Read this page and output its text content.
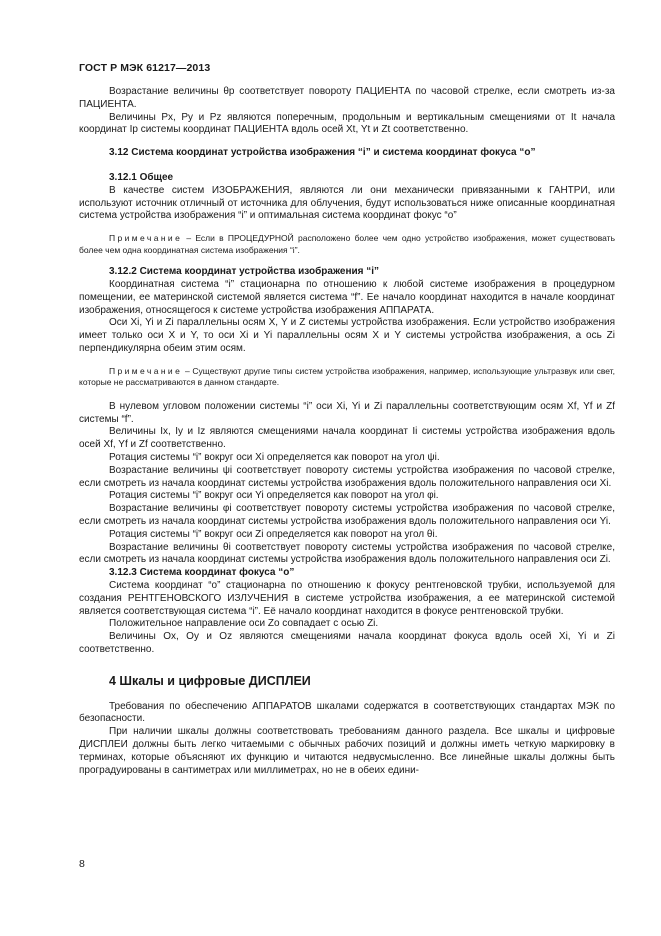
ГОСТ Р МЭК 61217—2013

Возрастание величины θр соответствует повороту ПАЦИЕНТА по часовой стрелке, если смотреть из-за ПАЦИЕНТА.

Величины Px, Py и Pz являются поперечным, продольным и вертикальным смещениями от It начала координат Ip системы координат ПАЦИЕНТА вдоль осей Xt, Yt и Zt соответственно.

3.12 Система координат устройства изображения “i” и система координат фокуса “o”

3.12.1 Общее

В качестве систем ИЗОБРАЖЕНИЯ, являются ли они механически привязанными к ГАНТРИ, или используют источник отличный от источника для облучения, будут использоваться ниже описанные координатная система устройства изображения “i” и оптимальная система координат фокус “o”

Примечание – Если в ПРОЦЕДУРНОЙ расположено более чем одно устройство изображения, может существовать более чем одна координатная система изображения “i”.

3.12.2 Система координат устройства изображения “i”

Координатная система “i” стационарна по отношению к любой системе изображения в процедурном помещении, ее материнской системой является система “f”. Ее начало координат находится в начале координат изображения, относящегося к системе устройства изображения АППАРАТА.

Оси Xi, Yi и Zi параллельны осям X, Y и Z системы устройства изображения. Если устройство изображения имеет только оси X и Y, то оси Xi и Yi параллельны осям X и Y системы устройства изображения, а ось Zi перпендикулярна обеим этим осям.

Примечание – Существуют другие типы систем устройства изображения, например, использующие ультразвук или свет, которые не рассматриваются в данном стандарте.

В нулевом угловом положении системы “i” оси Xi, Yi и Zi параллельны соответствующим осям Xf, Yf и Zf системы “f”.

Величины Ix, Iy и Iz являются смещениями начала координат Ii системы устройства изображения вдоль осей Xf, Yf и Zf соответственно.

Ротация системы “i” вокруг оси Xi определяется как поворот на угол ψi.

Возрастание величины ψi соответствует повороту системы устройства изображения по часовой стрелке, если смотреть из начала координат системы устройства изображения вдоль положительного направления оси Xi.

Ротация системы “i” вокруг оси Yi определяется как поворот на угол φi.

Возрастание величины φi соответствует повороту системы устройства изображения по часовой стрелке, если смотреть из начала координат системы устройства изображения вдоль положительного направления оси Yi.

Ротация системы “i” вокруг оси Zi определяется как поворот на угол θi.

Возрастание величины θi соответствует повороту системы устройства изображения по часовой стрелке, если смотреть из начала координат системы устройства изображения вдоль положительного направления оси Zi.

3.12.3 Система координат фокуса “o”

Система координат “o” стационарна по отношению к фокусу рентгеновской трубки, используемой для создания РЕНТГЕНОВСКОГО ИЗЛУЧЕНИЯ в системе устройства изображения, а ее материнской системой является соответствующая система “i”. Её начало координат находится в фокусе рентгеновской трубки.

Положительное направление оси Zo совпадает с осью Zi.

Величины Ox, Oy и Oz являются смещениями начала координат фокуса вдоль осей Xi, Yi и Zi соответственно.

4 Шкалы и цифровые ДИСПЛЕИ

Требования по обеспечению АППАРАТОВ шкалами содержатся в соответствующих стандартах МЭК по безопасности.

При наличии шкалы должны соответствовать требованиям данного раздела. Все шкалы и цифровые ДИСПЛЕИ должны быть легко читаемыми с обычных рабочих позиций и должны иметь четкую маркировку в терминах, которые объясняют их функцию и читаются недвусмысленно. Все линейные шкалы должны быть проградуированы в сантиметрах или миллиметрах, но не в обеих едини-

8
